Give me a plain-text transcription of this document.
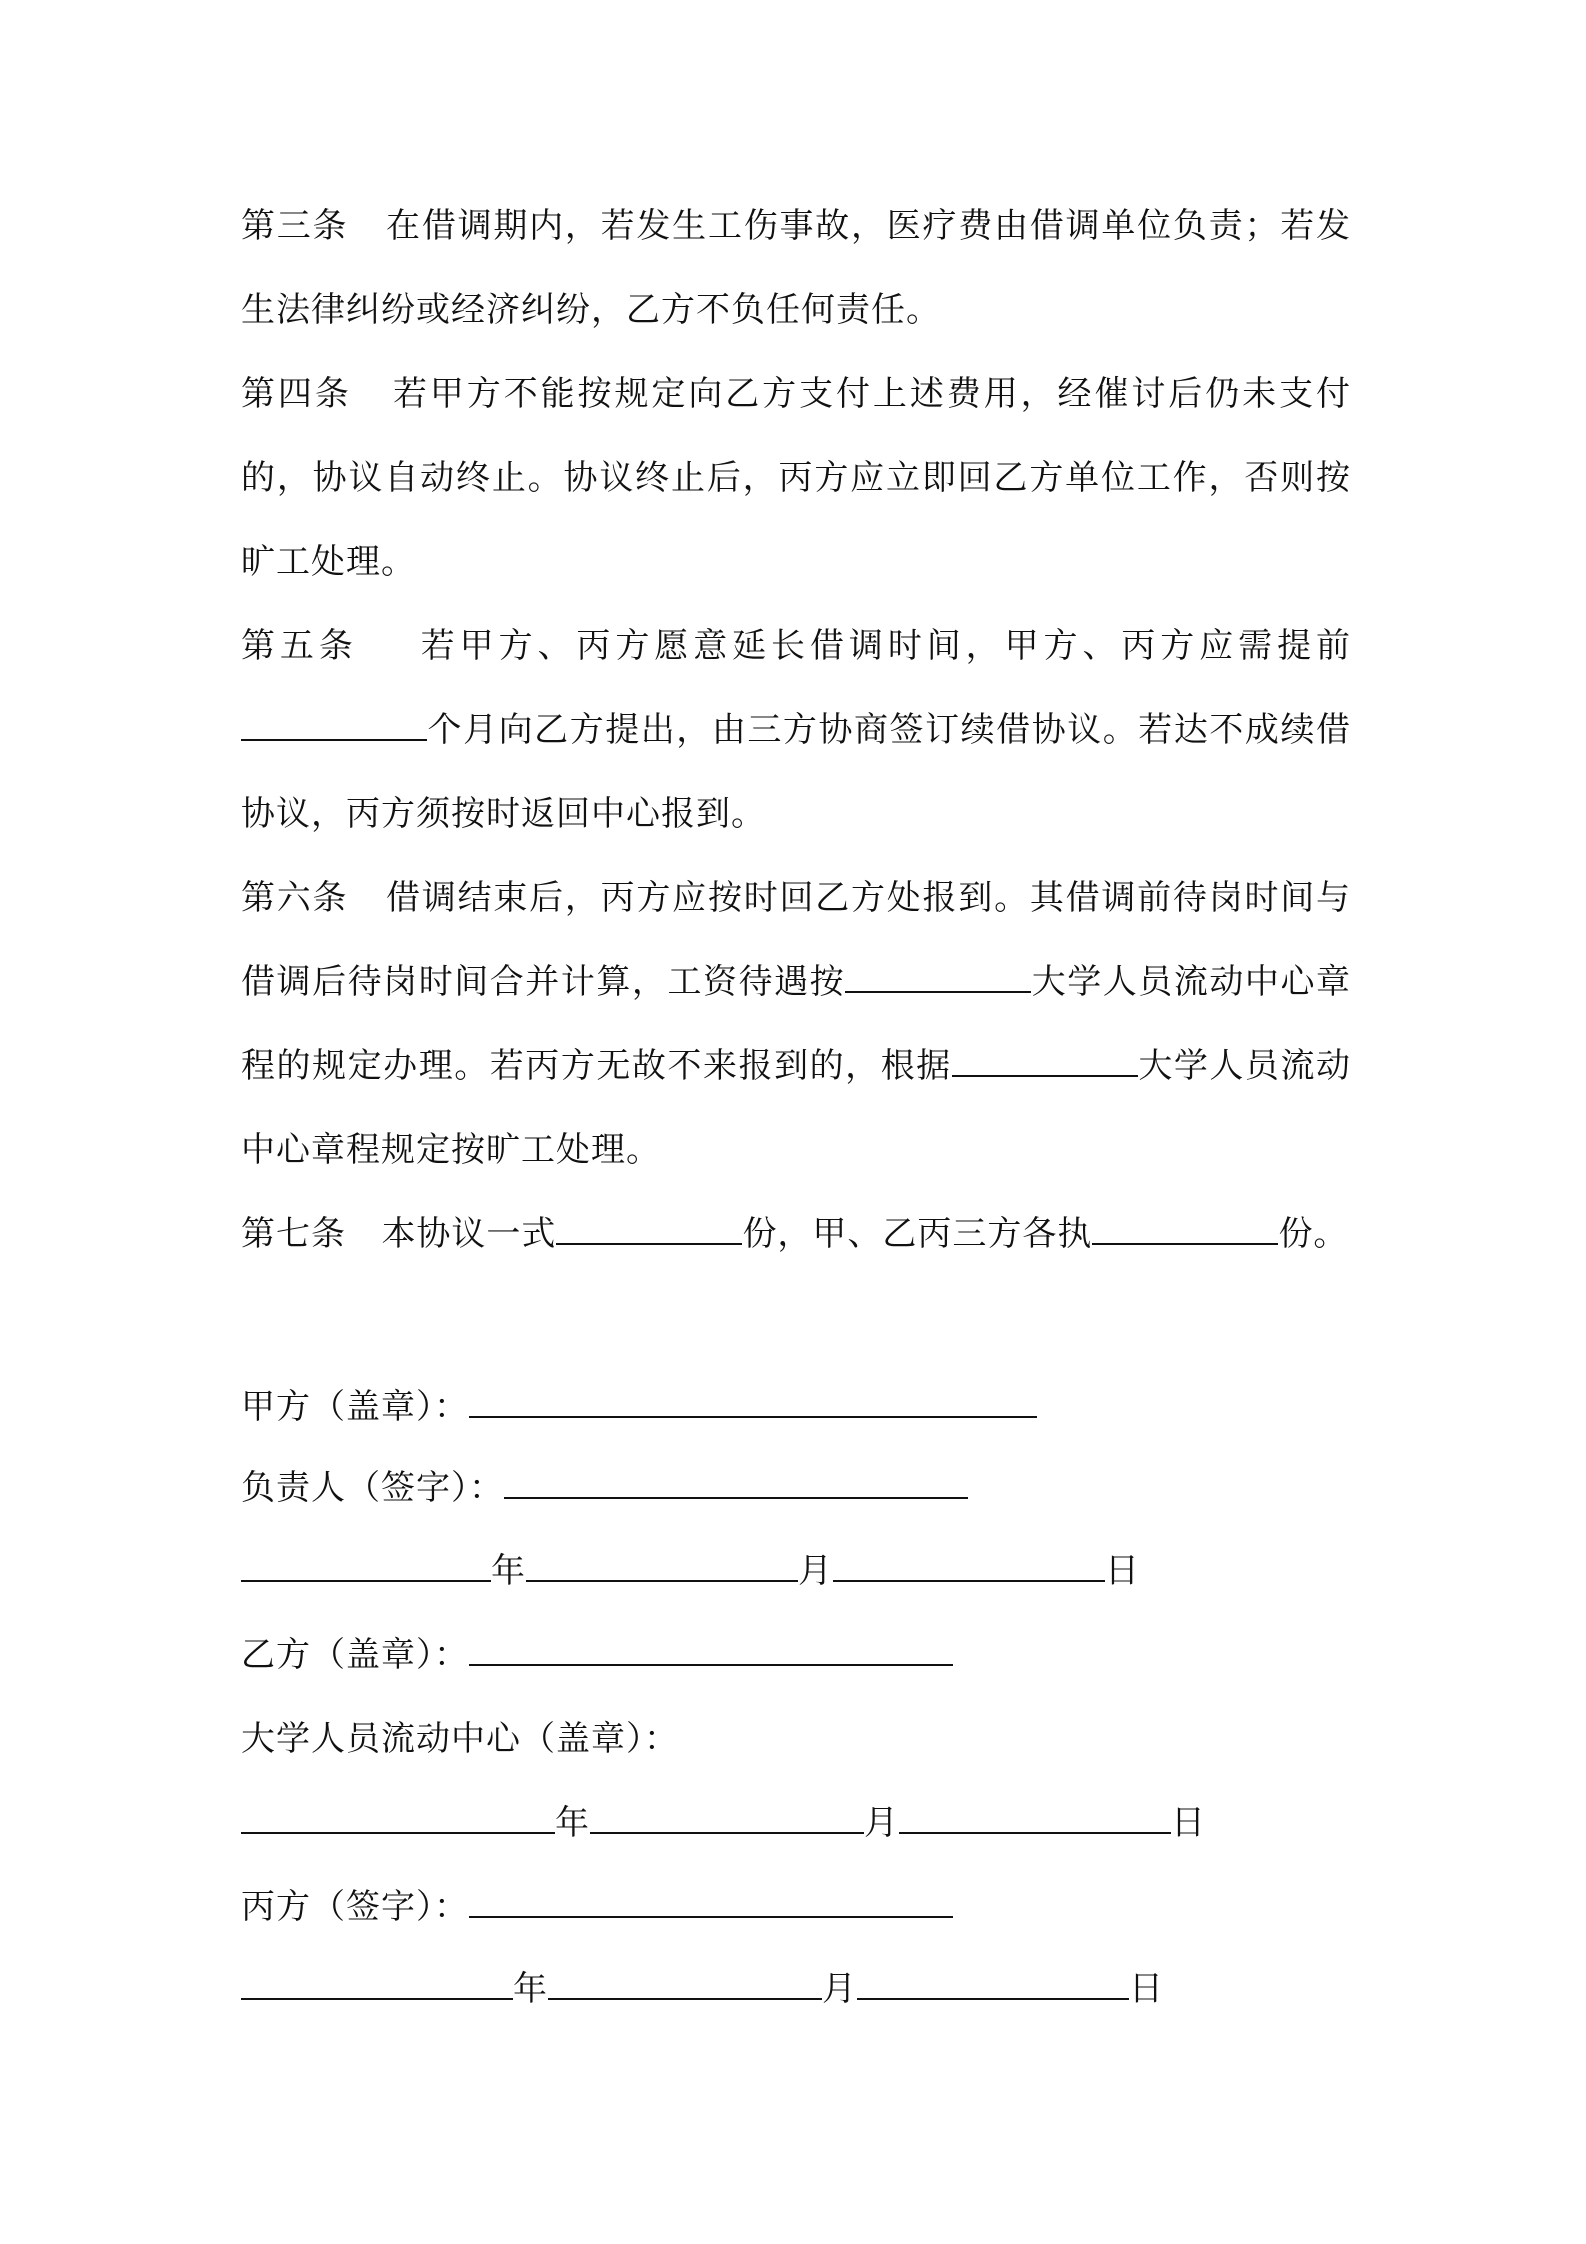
第三条 在借调期内，若发生工伤事故，医疗费由借调单位负责；若发生法律纠纷或经济纠纷，乙方不负任何责任。

第四条 若甲方不能按规定向乙方支付上述费用，经催讨后仍未支付的，协议自动终止。协议终止后，丙方应立即回乙方单位工作，否则按旷工处理。

第五条 若甲方、丙方愿意延长借调时间，甲方、丙方应需提前个月向乙方提出，由三方协商签订续借协议。若达不成续借协议，丙方须按时返回中心报到。

第六条 借调结束后，丙方应按时回乙方处报到。其借调前待岗时间与借调后待岗时间合并计算，工资待遇按	大学人员流动中心章程的规定办理。若丙方无故不来报到的，根据	大学人员流动中心章程规定按旷工处理。

第七条 本协议一式	份，甲、乙丙三方各执	份。

甲方（盖章）：
负责人（签字）：
年	月	日
乙方（盖章）：
大学人员流动中心（盖章）：
年	月	日
丙方（签字）：
年	月	日
